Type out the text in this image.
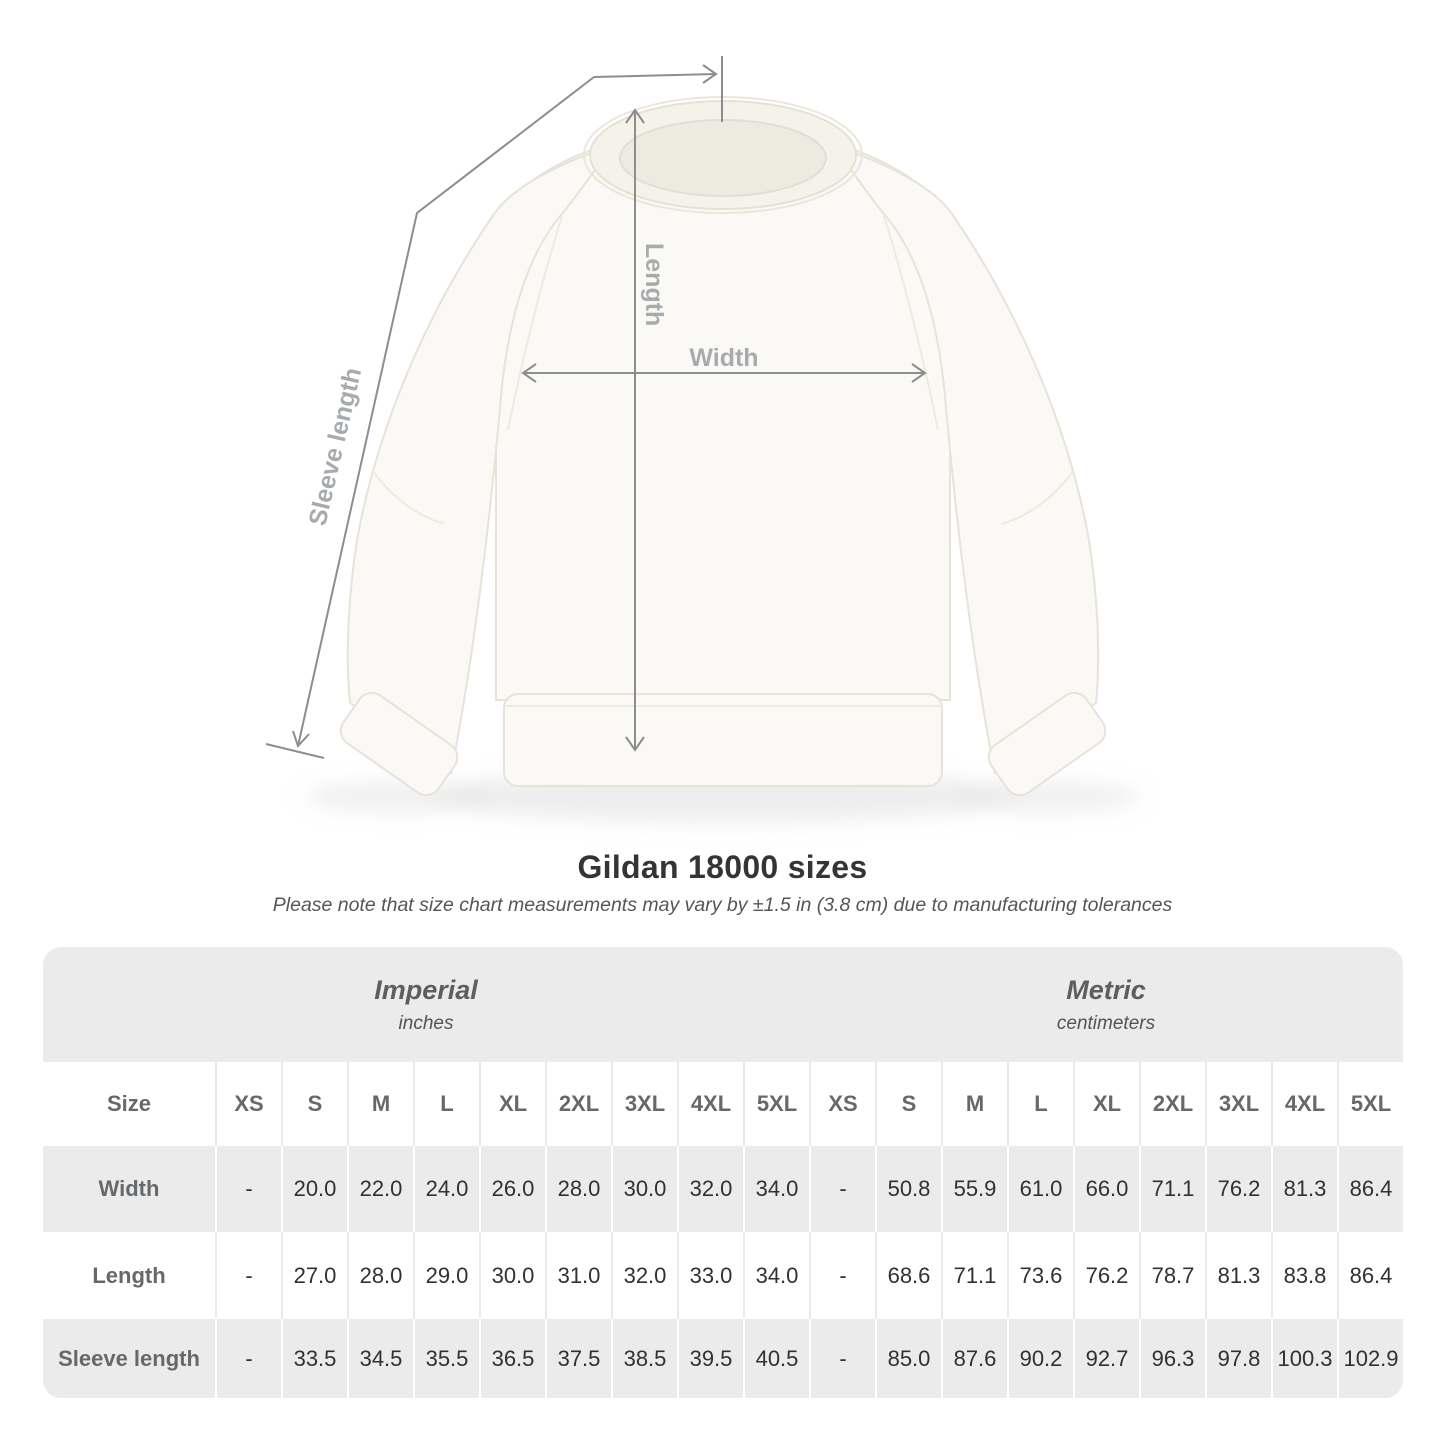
Width
Length
Sleeve length
Gildan 18000 sizes
Please note that size chart measurements may vary by ±1.5 in (3.8 cm) due to manufacturing tolerances
Imperial
inches
Metric
centimeters
Size	XS	S	M	L	XL	2XL	3XL	4XL	5XL	XS	S	M	L	XL	2XL	3XL	4XL	5XL
Width	-	20.0	22.0	24.0	26.0	28.0	30.0	32.0	34.0	-	50.8	55.9	61.0	66.0	71.1	76.2	81.3	86.4
Length	-	27.0	28.0	29.0	30.0	31.0	32.0	33.0	34.0	-	68.6	71.1	73.6	76.2	78.7	81.3	83.8	86.4
Sleeve length	-	33.5	34.5	35.5	36.5	37.5	38.5	39.5	40.5	-	85.0	87.6	90.2	92.7	96.3	97.8 100.3 102.9
